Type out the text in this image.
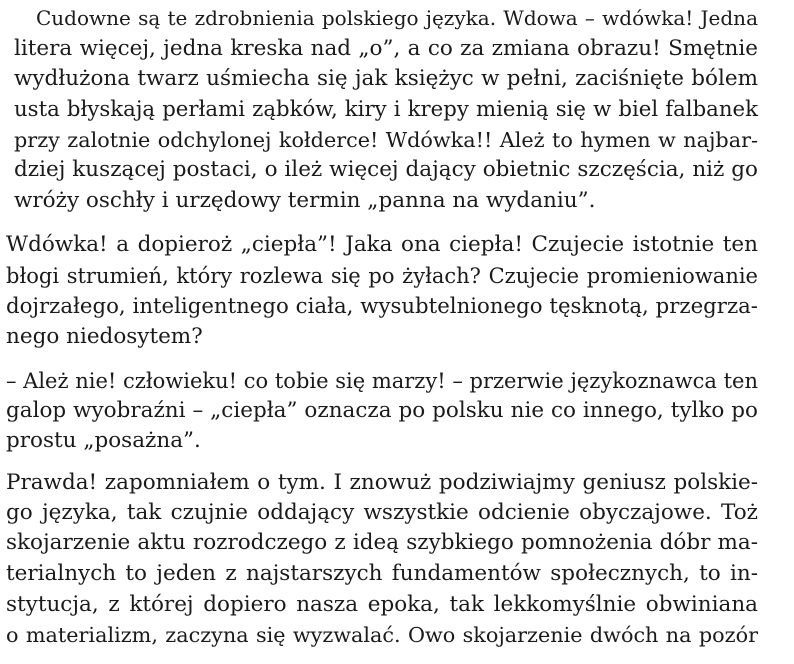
Cudowne są te zdrobnienia polskiego języka. Wdowa – wdówka! Jedna
litera więcej, jedna kreska nad „o”, a co za zmiana obrazu! Smętnie
wydłużona twarz uśmiecha się jak księżyc w pełni, zaciśnięte bólem
usta błyskają perłami ząbków, kiry i krepy mienią się w biel falbanek
przy zalotnie odchylonej kołderce! Wdówka!! Ależ to hymen w najbar-
dziej kuszącej postaci, o ileż więcej dający obietnic szczęścia, niż go
wróży oschły i urzędowy termin „panna na wydaniu”.
Wdówka! a dopieroż „ciepła”! Jaka ona ciepła! Czujecie istotnie ten
błogi strumień, który rozlewa się po żyłach? Czujecie promieniowanie
dojrzałego, inteligentnego ciała, wysubtelnionego tęsknotą, przegrza-
nego niedosytem?
– Ależ nie! człowieku! co tobie się marzy! – przerwie językoznawca ten
galop wyobraźni – „ciepła” oznacza po polsku nie co innego, tylko po
prostu „posażna”.
Prawda! zapomniałem o tym. I znowuż podziwiajmy geniusz polskie-
go języka, tak czujnie oddający wszystkie odcienie obyczajowe. Toż
skojarzenie aktu rozrodczego z ideą szybkiego pomnożenia dóbr ma-
terialnych to jeden z najstarszych fundamentów społecznych, to in-
stytucja, z której dopiero nasza epoka, tak lekkomyślnie obwiniana
o materializm, zaczyna się wyzwalać. Owo skojarzenie dwóch na pozór
